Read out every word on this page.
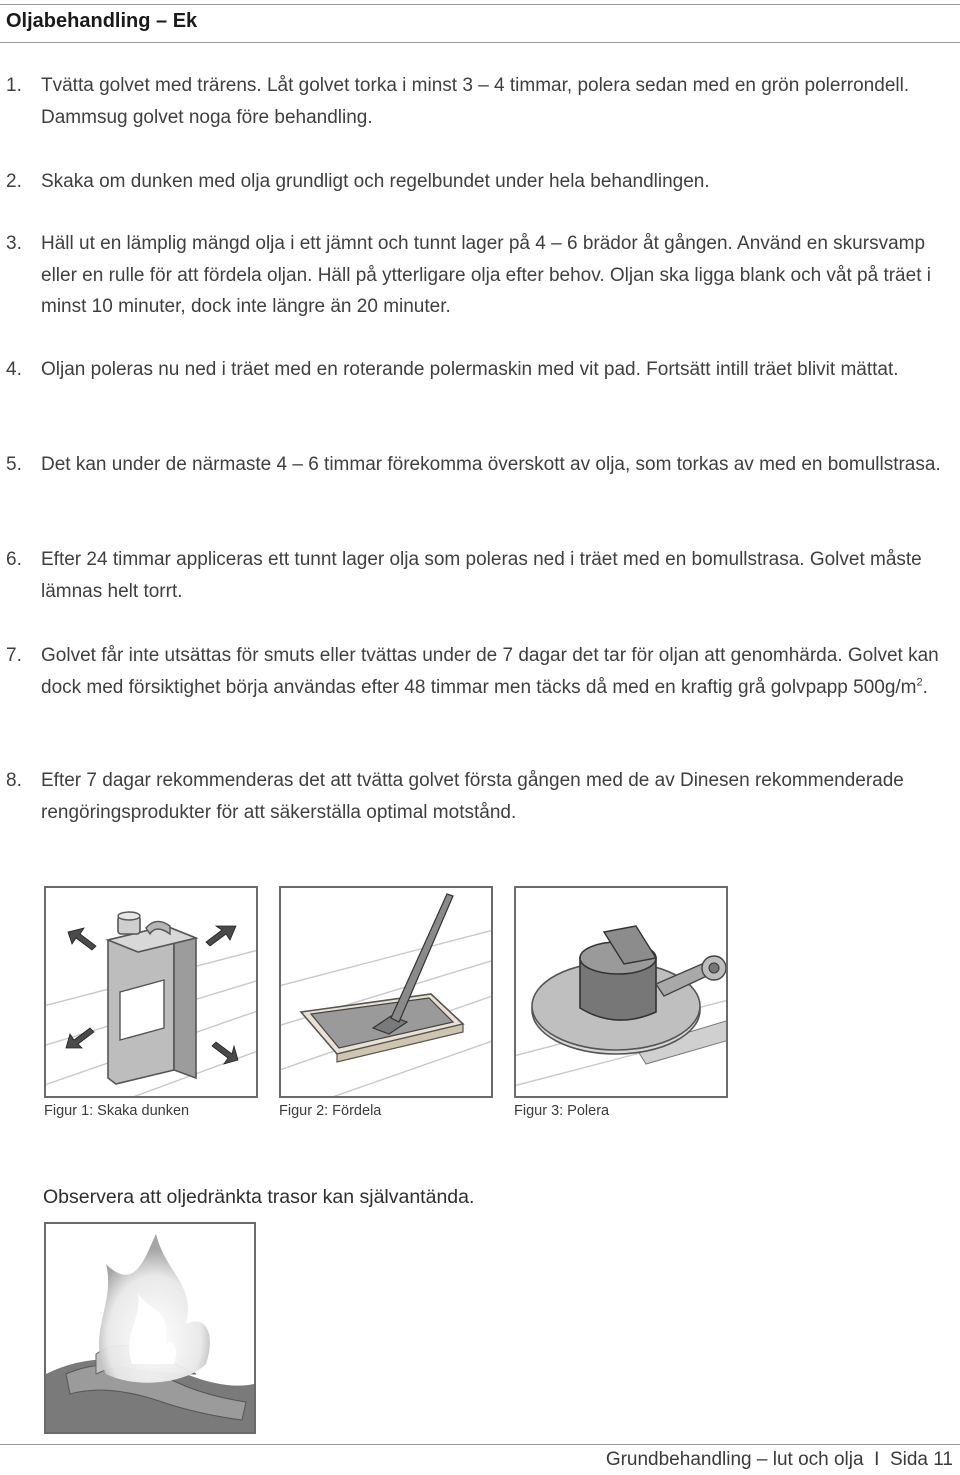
Oljabehandling – Ek
1. Tvätta golvet med trärens. Låt golvet torka i minst 3 – 4 timmar, polera sedan med en grön polerrondell. Dammsug golvet noga före behandling.
2. Skaka om dunken med olja grundligt och regelbundet under hela behandlingen.
3. Häll ut en lämplig mängd olja i ett jämnt och tunnt lager på 4 – 6 brädor åt gången. Använd en skursvamp eller en rulle för att fördela oljan. Häll på ytterligare olja efter behov. Oljan ska ligga blank och våt på träet i minst 10 minuter, dock inte längre än 20 minuter.
4. Oljan poleras nu ned i träet med en roterande polermaskin med vit pad. Fortsätt intill träet blivit mättat.
5. Det kan under de närmaste 4 – 6 timmar förekomma överskott av olja, som torkas av med en bomullstrasa.
6. Efter 24 timmar appliceras ett tunnt lager olja som poleras ned i träet med en bomullstrasa. Golvet måste lämnas helt torrt.
7. Golvet får inte utsättas för smuts eller tvättas under de 7 dagar det tar för oljan att genomhärda. Golvet kan dock med försiktighet börja användas efter 48 timmar men täcks då med en kraftig grå golvpapp $500g/m^2$.
8. Efter 7 dagar rekommenderas det att tvätta golvet första gången med de av Dinesen rekommenderade rengöringsprodukter för att säkerställa optimal motstånd.
Figur 1: Skaka dunken	Figur 2: Fördela	Figur 3: Polera
Observera att oljedränkta trasor kan självantända.
Grundbehandling – lut och olja I Sida 11
